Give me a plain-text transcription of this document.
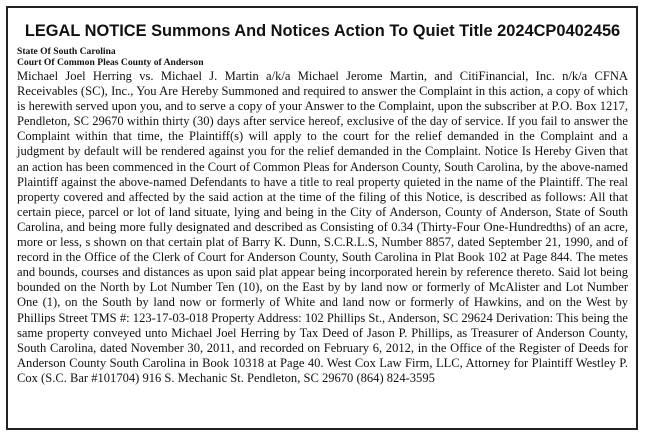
LEGAL NOTICE Summons And Notices Action To Quiet Title 2024CP0402456

State Of South Carolina

Court Of Common Pleas County of Anderson

Michael Joel Herring vs. Michael J. Martin a/k/a Michael Jerome Martin, and CitiFinancial, Inc. n/k/a CFNA Receivables (SC), Inc., You Are Hereby Summoned and required to answer the Complaint in this action, a copy of which is herewith served upon you, and to serve a copy of your Answer to the Complaint, upon the subscriber at P.O. Box 1217, Pendleton, SC 29670 within thirty (30) days after service hereof, exclusive of the day of service. If you fail to answer the Complaint within that time, the Plaintiff(s) will apply to the court for the relief demanded in the Complaint and a judgment by default will be rendered against you for the relief demanded in the Complaint. Notice Is Hereby Given that an action has been commenced in the Court of Common Pleas for Anderson County, South Carolina, by the above-named Plaintiff against the above-named Defendants to have a title to real property quieted in the name of the Plaintiff. The real property covered and affected by the said action at the time of the filing of this Notice, is described as follows: All that certain piece, parcel or lot of land situate, lying and being in the City of Anderson, County of Anderson, State of South Carolina, and being more fully designated and described as Consisting of 0.34 (Thirty-Four One-Hundredths) of an acre, more or less, s shown on that certain plat of Barry K. Dunn, S.C.R.L.S, Number 8857, dated September 21, 1990, and of record in the Office of the Clerk of Court for Anderson County, South Carolina in Plat Book 102 at Page 844. The metes and bounds, courses and distances as upon said plat appear being incorporated herein by reference thereto. Said lot being bounded on the North by Lot Number Ten (10), on the East by by land now or formerly of McAlister and Lot Number One (1), on the South by land now or formerly of White and land now or formerly of Hawkins, and on the West by Phillips Street TMS #: 123-17-03-018 Property Address: 102 Phillips St., Anderson, SC 29624 Derivation: This being the same property conveyed unto Michael Joel Herring by Tax Deed of Jason P. Phillips, as Treasurer of Anderson County, South Carolina, dated November 30, 2011, and recorded on February 6, 2012, in the Office of the Register of Deeds for Anderson County South Carolina in Book 10318 at Page 40. West Cox Law Firm, LLC, Attorney for Plaintiff Westley P. Cox (S.C. Bar #101704) 916 S. Mechanic St. Pendleton, SC 29670 (864) 824-3595
